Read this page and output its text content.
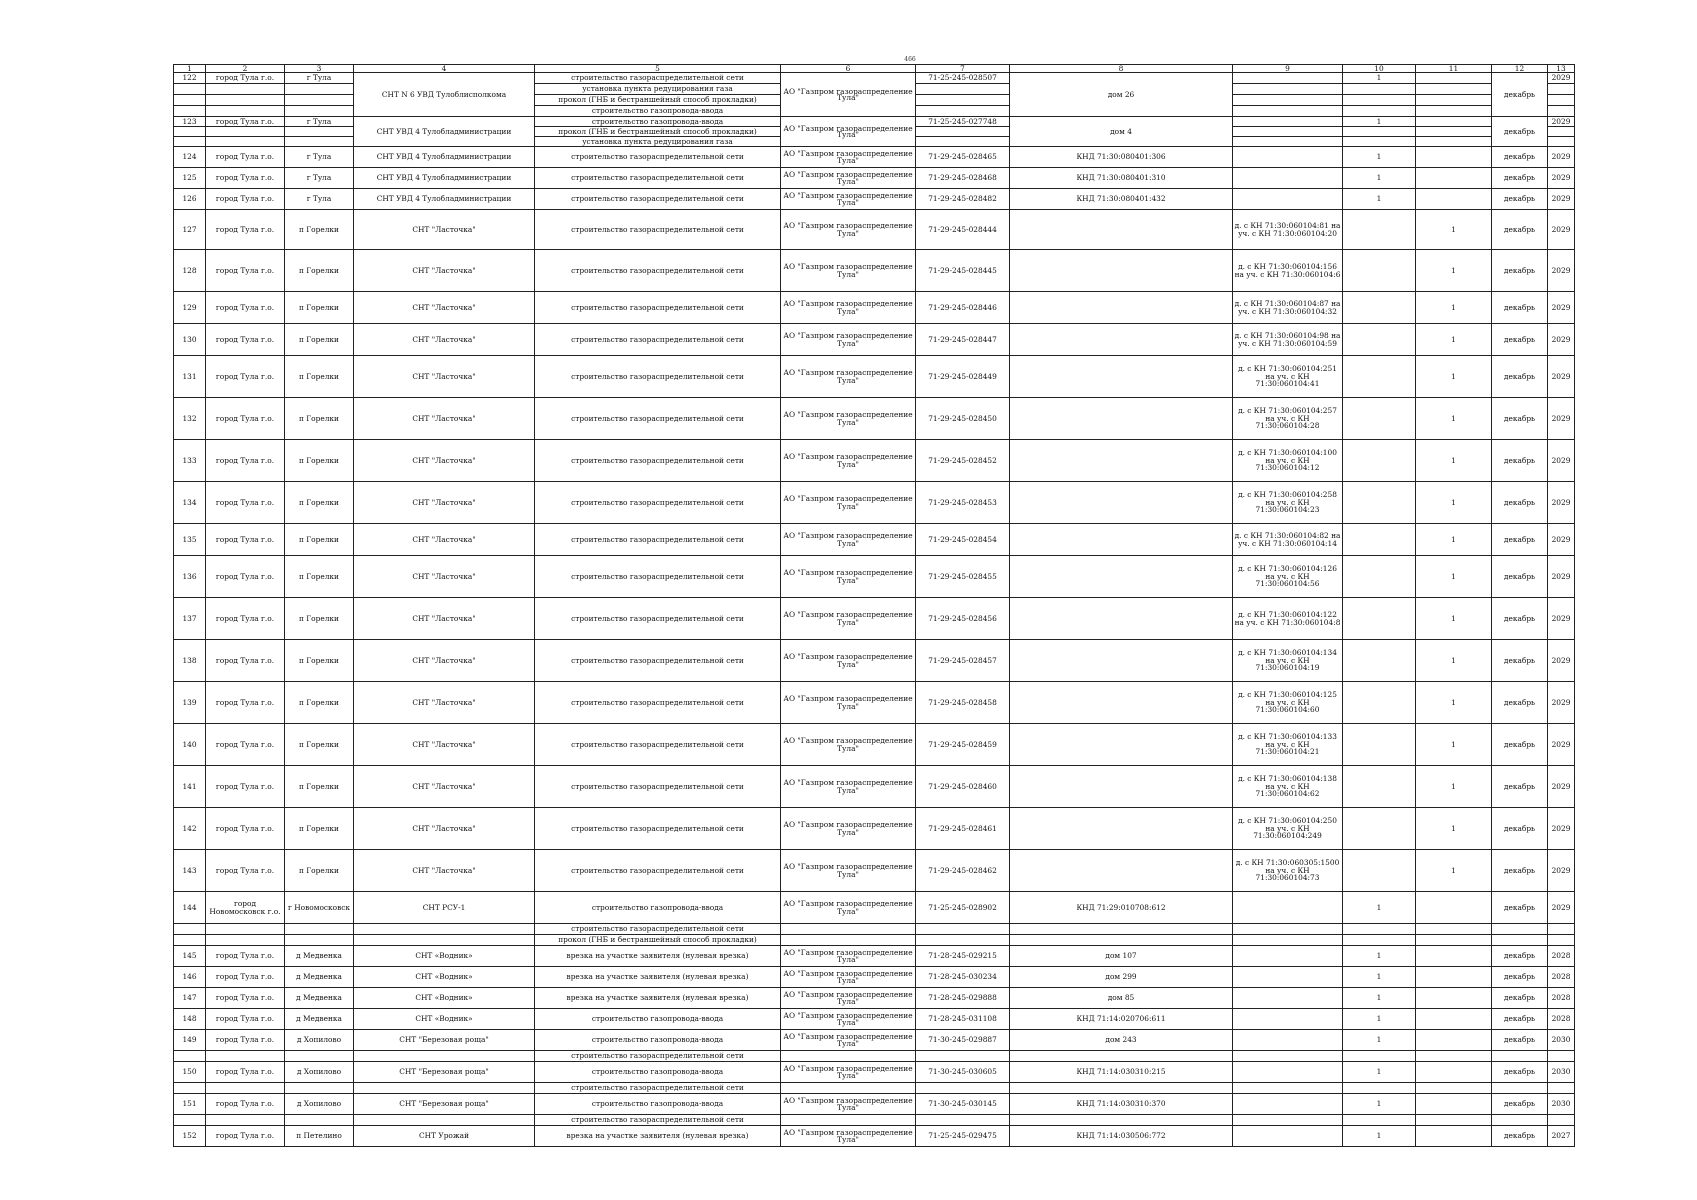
466
1	2	3	4	5	6	7	8	9	10	11	12	13
122	город Тула г.о.	г Тула	СНТ N 6 УВД Тулоблисполкома	строительство газораспределительной сети	АО "Газпром газораспределение Тула"	71-25-245-028507	дом 26		1		декабрь	2029
				установка пункта редуцирования газа								
				прокол (ГНБ и бестраншейный способ прокладки)								
				строительство газопровода-ввода								
123	город Тула г.о.	г Тула	СНТ УВД 4 Тулобладминистрации	строительство газопровода-ввода	АО "Газпром газораспределение Тула"	71-25-245-027748	дом 4		1		декабрь	2029
				прокол (ГНБ и бестраншейный способ прокладки)								
				установка пункта редуцирования газа								
124	город Тула г.о.	г Тула	СНТ УВД 4 Тулобладминистрации	строительство газораспределительной сети	АО "Газпром газораспределение Тула"	71-29-245-028465	КНД 71:30:080401:306		1		декабрь	2029
125	город Тула г.о.	г Тула	СНТ УВД 4 Тулобладминистрации	строительство газораспределительной сети	АО "Газпром газораспределение Тула"	71-29-245-028468	КНД 71:30:080401:310		1		декабрь	2029
126	город Тула г.о.	г Тула	СНТ УВД 4 Тулобладминистрации	строительство газораспределительной сети	АО "Газпром газораспределение Тула"	71-29-245-028482	КНД 71:30:080401:432		1		декабрь	2029
127	город Тула г.о.	п Горелки	СНТ "Ласточка"	строительство газораспределительной сети	АО "Газпром газораспределение Тула"	71-29-245-028444		д. с КН 71:30:060104:81 на уч. с КН 71:30:060104:20		1	декабрь	2029
128	город Тула г.о.	п Горелки	СНТ "Ласточка"	строительство газораспределительной сети	АО "Газпром газораспределение Тула"	71-29-245-028445		д. с КН 71:30:060104:156 на уч. с КН 71:30:060104:6		1	декабрь	2029
129	город Тула г.о.	п Горелки	СНТ "Ласточка"	строительство газораспределительной сети	АО "Газпром газораспределение Тула"	71-29-245-028446		д. с КН 71:30:060104:87 на уч. с КН 71:30:060104:32		1	декабрь	2029
130	город Тула г.о.	п Горелки	СНТ "Ласточка"	строительство газораспределительной сети	АО "Газпром газораспределение Тула"	71-29-245-028447		д. с КН 71:30:060104:98 на уч. с КН 71:30:060104:59		1	декабрь	2029
131	город Тула г.о.	п Горелки	СНТ "Ласточка"	строительство газораспределительной сети	АО "Газпром газораспределение Тула"	71-29-245-028449		д. с КН 71:30:060104:251 на уч. с КН 71:30:060104:41		1	декабрь	2029
132	город Тула г.о.	п Горелки	СНТ "Ласточка"	строительство газораспределительной сети	АО "Газпром газораспределение Тула"	71-29-245-028450		д. с КН 71:30:060104:257 на уч. с КН 71:30:060104:28		1	декабрь	2029
133	город Тула г.о.	п Горелки	СНТ "Ласточка"	строительство газораспределительной сети	АО "Газпром газораспределение Тула"	71-29-245-028452		д. с КН 71:30:060104:100 на уч. с КН 71:30:060104:12		1	декабрь	2029
134	город Тула г.о.	п Горелки	СНТ "Ласточка"	строительство газораспределительной сети	АО "Газпром газораспределение Тула"	71-29-245-028453		д. с КН 71:30:060104:258 на уч. с КН 71:30:060104:23		1	декабрь	2029
135	город Тула г.о.	п Горелки	СНТ "Ласточка"	строительство газораспределительной сети	АО "Газпром газораспределение Тула"	71-29-245-028454		д. с КН 71:30:060104:82 на уч. с КН 71:30:060104:14		1	декабрь	2029
136	город Тула г.о.	п Горелки	СНТ "Ласточка"	строительство газораспределительной сети	АО "Газпром газораспределение Тула"	71-29-245-028455		д. с КН 71:30:060104:126 на уч. с КН 71:30:060104:56		1	декабрь	2029
137	город Тула г.о.	п Горелки	СНТ "Ласточка"	строительство газораспределительной сети	АО "Газпром газораспределение Тула"	71-29-245-028456		д. с КН 71:30:060104:122 на уч. с КН 71:30:060104:8		1	декабрь	2029
138	город Тула г.о.	п Горелки	СНТ "Ласточка"	строительство газораспределительной сети	АО "Газпром газораспределение Тула"	71-29-245-028457		д. с КН 71:30:060104:134 на уч. с КН 71:30:060104:19		1	декабрь	2029
139	город Тула г.о.	п Горелки	СНТ "Ласточка"	строительство газораспределительной сети	АО "Газпром газораспределение Тула"	71-29-245-028458		д. с КН 71:30:060104:125 на уч. с КН 71:30:060104:60		1	декабрь	2029
140	город Тула г.о.	п Горелки	СНТ "Ласточка"	строительство газораспределительной сети	АО "Газпром газораспределение Тула"	71-29-245-028459		д. с КН 71:30:060104:133 на уч. с КН 71:30:060104:21		1	декабрь	2029
141	город Тула г.о.	п Горелки	СНТ "Ласточка"	строительство газораспределительной сети	АО "Газпром газораспределение Тула"	71-29-245-028460		д. с КН 71:30:060104:138 на уч. с КН 71:30:060104:62		1	декабрь	2029
142	город Тула г.о.	п Горелки	СНТ "Ласточка"	строительство газораспределительной сети	АО "Газпром газораспределение Тула"	71-29-245-028461		д. с КН 71:30:060104:250 на уч. с КН 71:30:060104:249		1	декабрь	2029
143	город Тула г.о.	п Горелки	СНТ "Ласточка"	строительство газораспределительной сети	АО "Газпром газораспределение Тула"	71-29-245-028462		д. с КН 71:30:060305:1500 на уч. с КН 71:30:060104:73		1	декабрь	2029
144	город Новомосковск г.о.	г Новомосковск	СНТ РСУ-1	строительство газопровода-ввода	АО "Газпром газораспределение Тула"	71-25-245-028902	КНД 71:29:010708:612		1		декабрь	2029
				строительство газораспределительной сети								
				прокол (ГНБ и бестраншейный способ прокладки)								
145	город Тула г.о.	д Медвенка	СНТ «Водник»	врезка на участке заявителя (нулевая врезка)	АО "Газпром газораспределение Тула"	71-28-245-029215	дом 107		1		декабрь	2028
146	город Тула г.о.	д Медвенка	СНТ «Водник»	врезка на участке заявителя (нулевая врезка)	АО "Газпром газораспределение Тула"	71-28-245-030234	дом 299		1		декабрь	2028
147	город Тула г.о.	д Медвенка	СНТ «Водник»	врезка на участке заявителя (нулевая врезка)	АО "Газпром газораспределение Тула"	71-28-245-029888	дом 85		1		декабрь	2028
148	город Тула г.о.	д Медвенка	СНТ «Водник»	строительство газопровода-ввода	АО "Газпром газораспределение Тула"	71-28-245-031108	КНД 71:14:020706:611		1		декабрь	2028
149	город Тула г.о.	д Хопилово	СНТ "Березовая роща"	строительство газопровода-ввода	АО "Газпром газораспределение Тула"	71-30-245-029887	дом 243		1		декабрь	2030
				строительство газораспределительной сети								
150	город Тула г.о.	д Хопилово	СНТ "Березовая роща"	строительство газопровода-ввода	АО "Газпром газораспределение Тула"	71-30-245-030605	КНД 71:14:030310:215		1		декабрь	2030
				строительство газораспределительной сети								
151	город Тула г.о.	д Хопилово	СНТ "Березовая роща"	строительство газопровода-ввода	АО "Газпром газораспределение Тула"	71-30-245-030145	КНД 71:14:030310:370		1		декабрь	2030
				строительство газораспределительной сети								
152	город Тула г.о.	п Петелино	СНТ Урожай	врезка на участке заявителя (нулевая врезка)	АО "Газпром газораспределение Тула"	71-25-245-029475	КНД 71:14:030506:772		1		декабрь	2027
